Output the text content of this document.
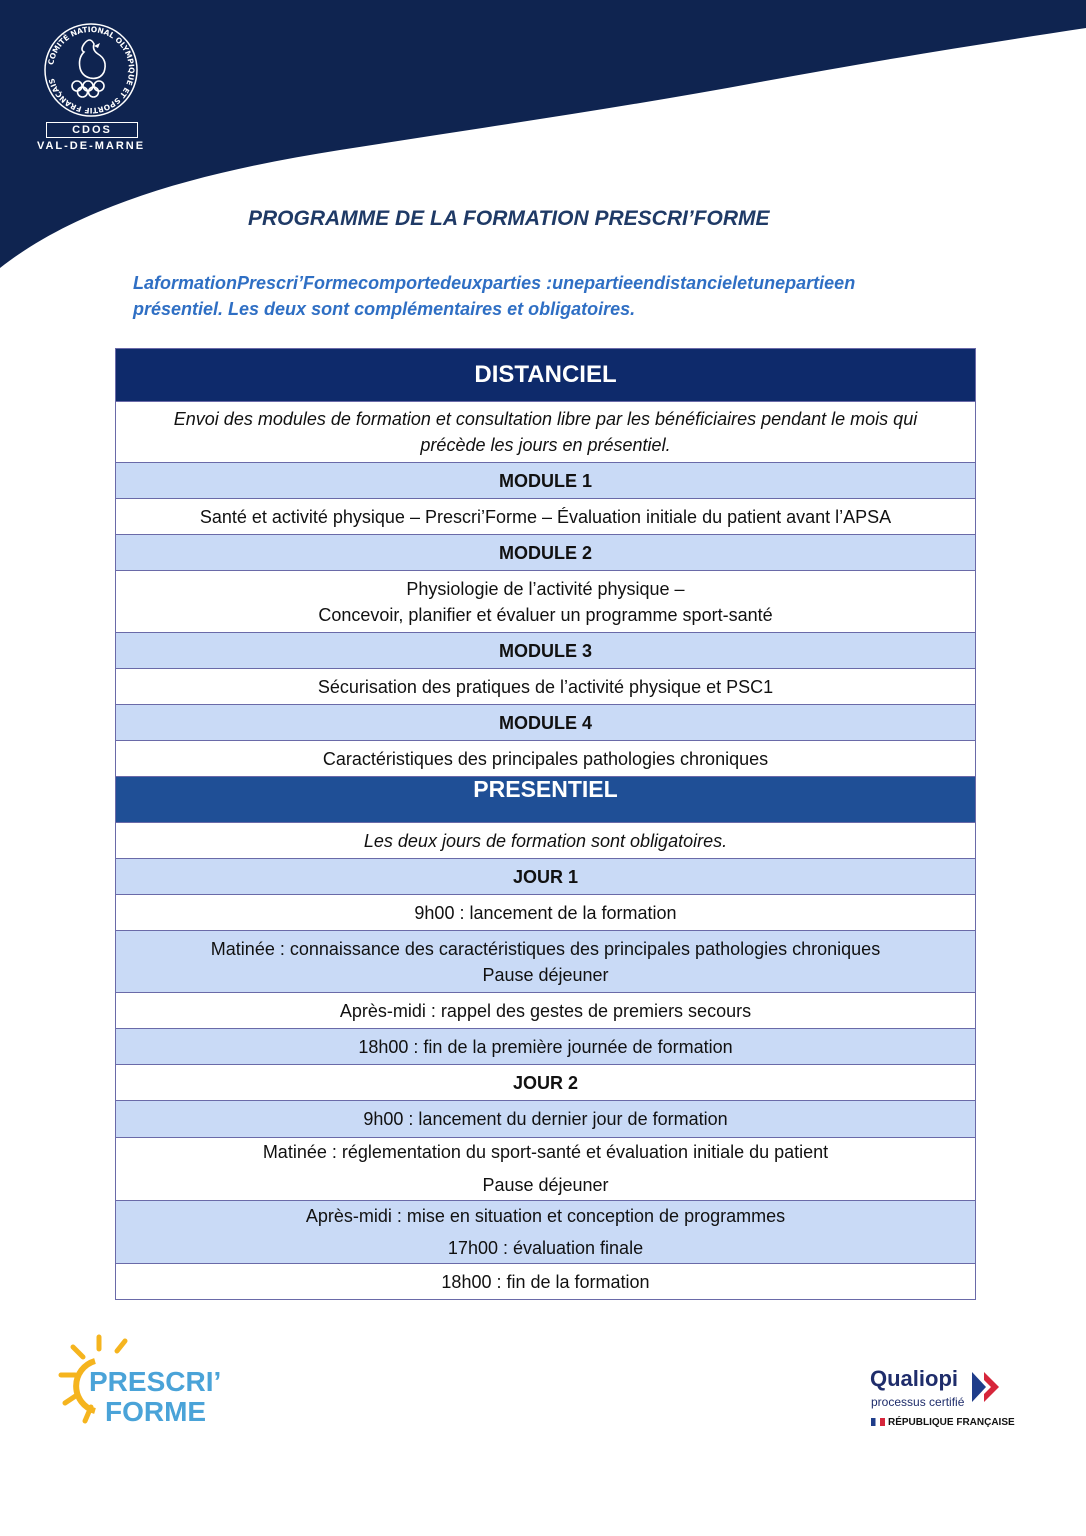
COMITÉ NATIONAL OLYMPIQUE ET SPORTIF FRANÇAIS
CDOS
VAL-DE-MARNE
PROGRAMME DE LA FORMATION PRESCRI’FORME
LaformationPrescri’Formecomportedeuxparties :unepartieendistancieletunepartieen
présentiel. Les deux sont complémentaires et obligatoires.
DISTANCIEL
Envoi des modules de formation et consultation libre par les bénéficiaires pendant le mois qui
précède les jours en présentiel.
MODULE 1
Santé et activité physique – Prescri’Forme – Évaluation initiale du patient avant l’APSA
MODULE 2
Physiologie de l’activité physique –
Concevoir, planifier et évaluer un programme sport-santé
MODULE 3
Sécurisation des pratiques de l’activité physique et PSC1
MODULE 4
Caractéristiques des principales pathologies chroniques
PRESENTIEL
Les deux jours de formation sont obligatoires.
JOUR 1
9h00 : lancement de la formation
Matinée : connaissance des caractéristiques des principales pathologies chroniques
Pause déjeuner
Après-midi : rappel des gestes de premiers secours
18h00 : fin de la première journée de formation
JOUR 2
9h00 : lancement du dernier jour de formation
Matinée : réglementation du sport-santé et évaluation initiale du patient
Pause déjeuner
Après-midi : mise en situation et conception de programmes
17h00 : évaluation finale
18h00 : fin de la formation
PRESCRI’
FORME
Qualiopi
processus certifié
RÉPUBLIQUE FRANÇAISE
